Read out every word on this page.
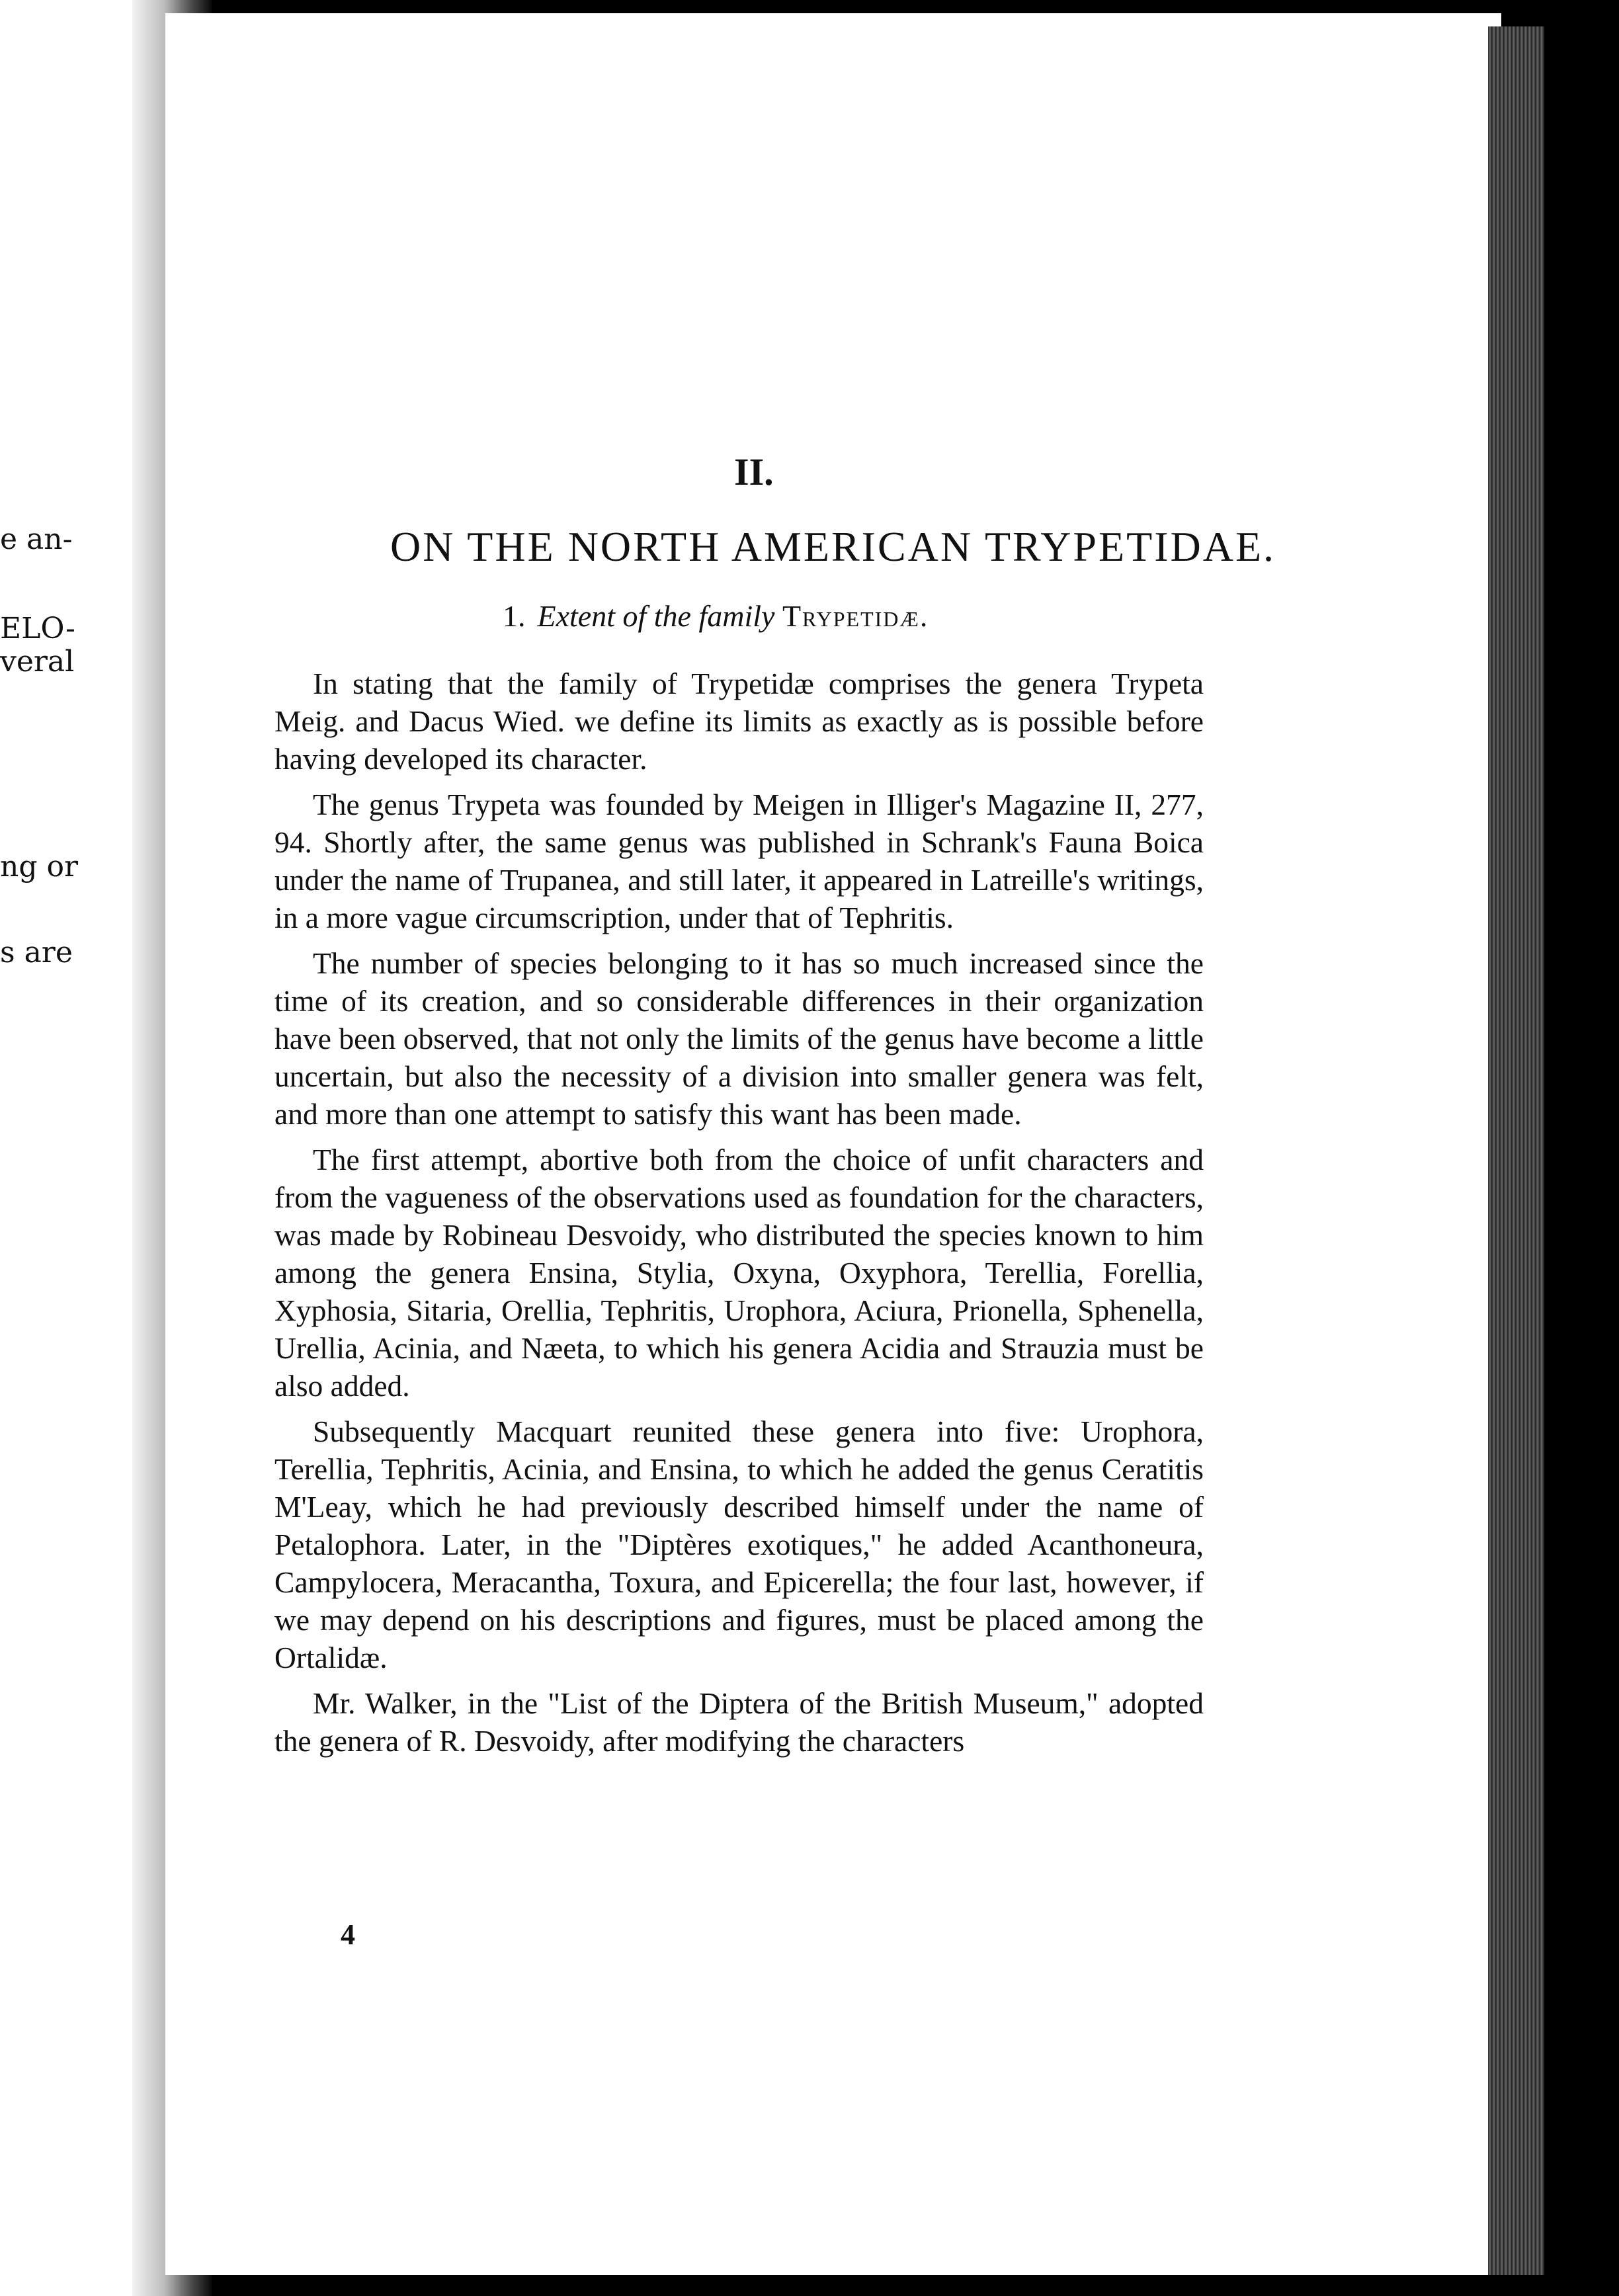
e an-
ELO-
veral
ng or
s are
II.
ON THE NORTH AMERICAN TRYPETIDAE.
1. Extent of the family Trypetidæ.

In stating that the family of Trypetidæ comprises the genera Trypeta Meig. and Dacus Wied. we define its limits as exactly as is possible before having developed its character.

The genus Trypeta was founded by Meigen in Illiger's Magazine II, 277, 94. Shortly after, the same genus was published in Schrank's Fauna Boica under the name of Trupanea, and still later, it appeared in Latreille's writings, in a more vague circumscription, under that of Tephritis.

The number of species belonging to it has so much increased since the time of its creation, and so considerable differences in their organization have been observed, that not only the limits of the genus have become a little uncertain, but also the necessity of a division into smaller genera was felt, and more than one attempt to satisfy this want has been made.

The first attempt, abortive both from the choice of unfit characters and from the vagueness of the observations used as foundation for the characters, was made by Robineau Desvoidy, who distributed the species known to him among the genera Ensina, Stylia, Oxyna, Oxyphora, Terellia, Forellia, Xyphosia, Sitaria, Orellia, Tephritis, Urophora, Aciura, Prionella, Sphenella, Urellia, Acinia, and Næeta, to which his genera Acidia and Strauzia must be also added.

Subsequently Macquart reunited these genera into five: Urophora, Terellia, Tephritis, Acinia, and Ensina, to which he added the genus Ceratitis M'Leay, which he had previously described himself under the name of Petalophora. Later, in the "Diptères exotiques," he added Acanthoneura, Campylocera, Meracantha, Toxura, and Epicerella; the four last, however, if we may depend on his descriptions and figures, must be placed among the Ortalidæ.

Mr. Walker, in the "List of the Diptera of the British Museum," adopted the genera of R. Desvoidy, after modifying the characters

4
